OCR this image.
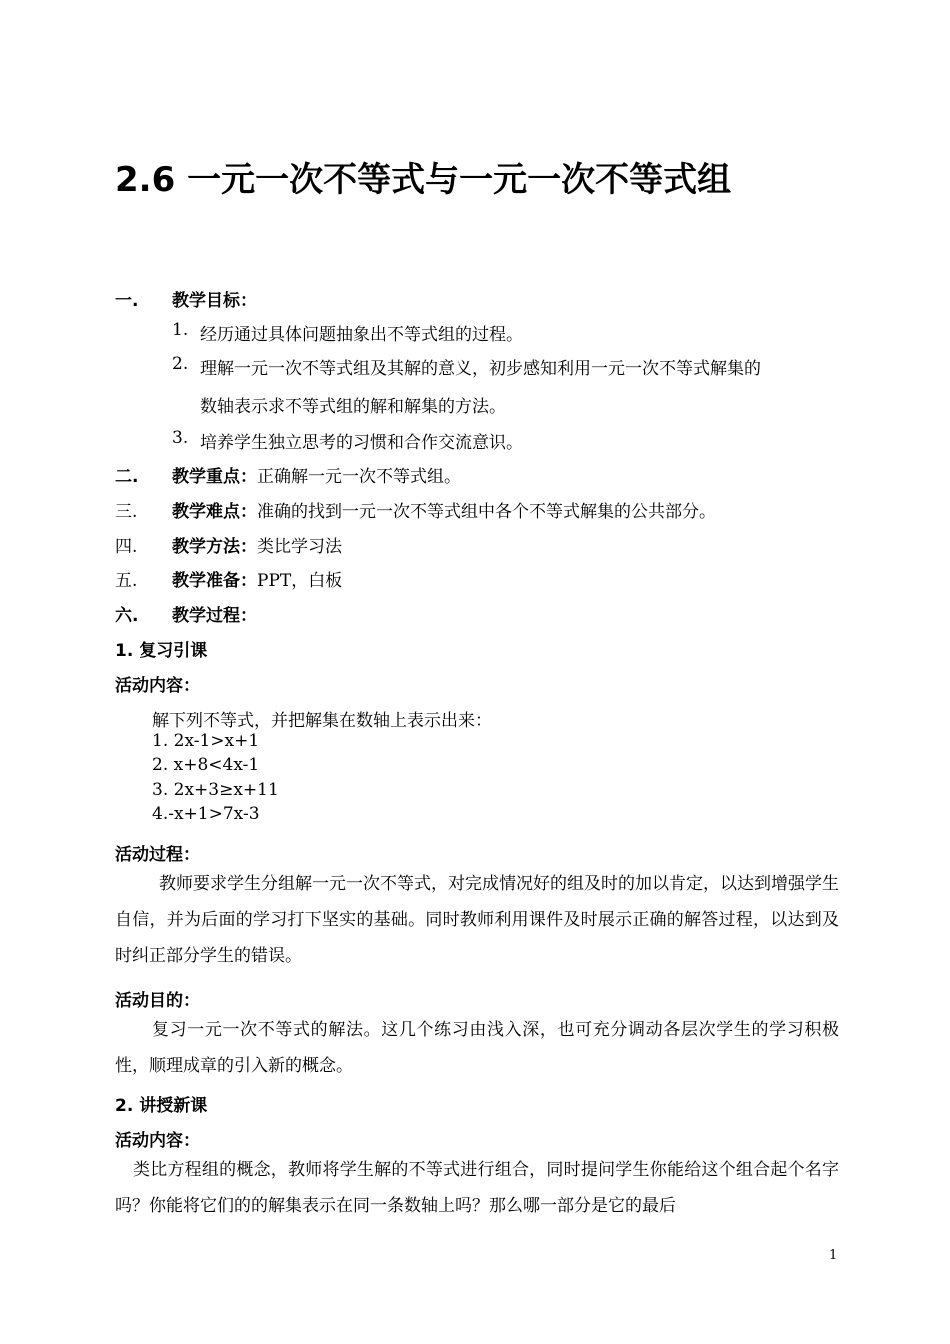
2.6 一元一次不等式与一元一次不等式组
一. 教学目标：
1. 经历通过具体问题抽象出不等式组的过程。
2. 理解一元一次不等式组及其解的意义，初步感知利用一元一次不等式解集的
数轴表示求不等式组的解和解集的方法。
3. 培养学生独立思考的习惯和合作交流意识。
二. 教学重点：正确解一元一次不等式组。
三. 教学难点：准确的找到一元一次不等式组中各个不等式解集的公共部分。
四. 教学方法：类比学习法
五. 教学准备：PPT，白板
六. 教学过程：
1. 复习引课
活动内容：
解下列不等式，并把解集在数轴上表示出来：
1. 2x-1>x+1
2. x+8<4x-1
3. 2x+3≥x+11
4.-x+1>7x-3
活动过程：
教师要求学生分组解一元一次不等式，对完成情况好的组及时的加以肯定，以达到增强学生自信，并为后面的学习打下坚实的基础。同时教师利用课件及时展示正确的解答过程，以达到及时纠正部分学生的错误。
活动目的：
复习一元一次不等式的解法。这几个练习由浅入深，也可充分调动各层次学生的学习积极性，顺理成章的引入新的概念。
2. 讲授新课
活动内容：
类比方程组的概念，教师将学生解的不等式进行组合，同时提问学生你能给这个组合起个名字吗？你能将它们的的解集表示在同一条数轴上吗？那么哪一部分是它的最后
1
